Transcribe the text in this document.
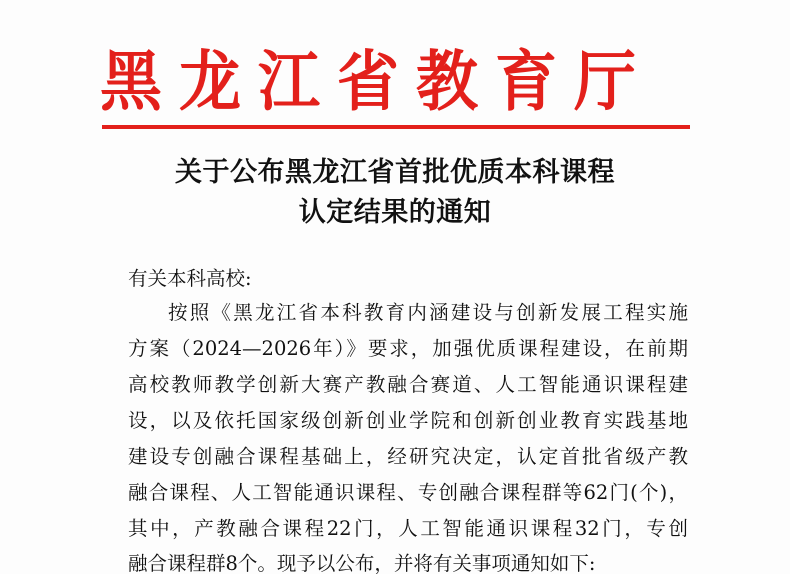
黑龙江省教育厅
关于公布黑龙江省首批优质本科课程
认定结果的通知
有关本科高校:
按照《黑龙江省本科教育内涵建设与创新发展工程实施
方案（2024—2026年）》要求，加强优质课程建设，在前期
高校教师教学创新大赛产教融合赛道、人工智能通识课程建
设，以及依托国家级创新创业学院和创新创业教育实践基地
建设专创融合课程基础上，经研究决定，认定首批省级产教
融合课程、人工智能通识课程、专创融合课程群等62门(个)，
其中，产教融合课程22门，人工智能通识课程32门，专创
融合课程群8个。现予以公布，并将有关事项通知如下:
